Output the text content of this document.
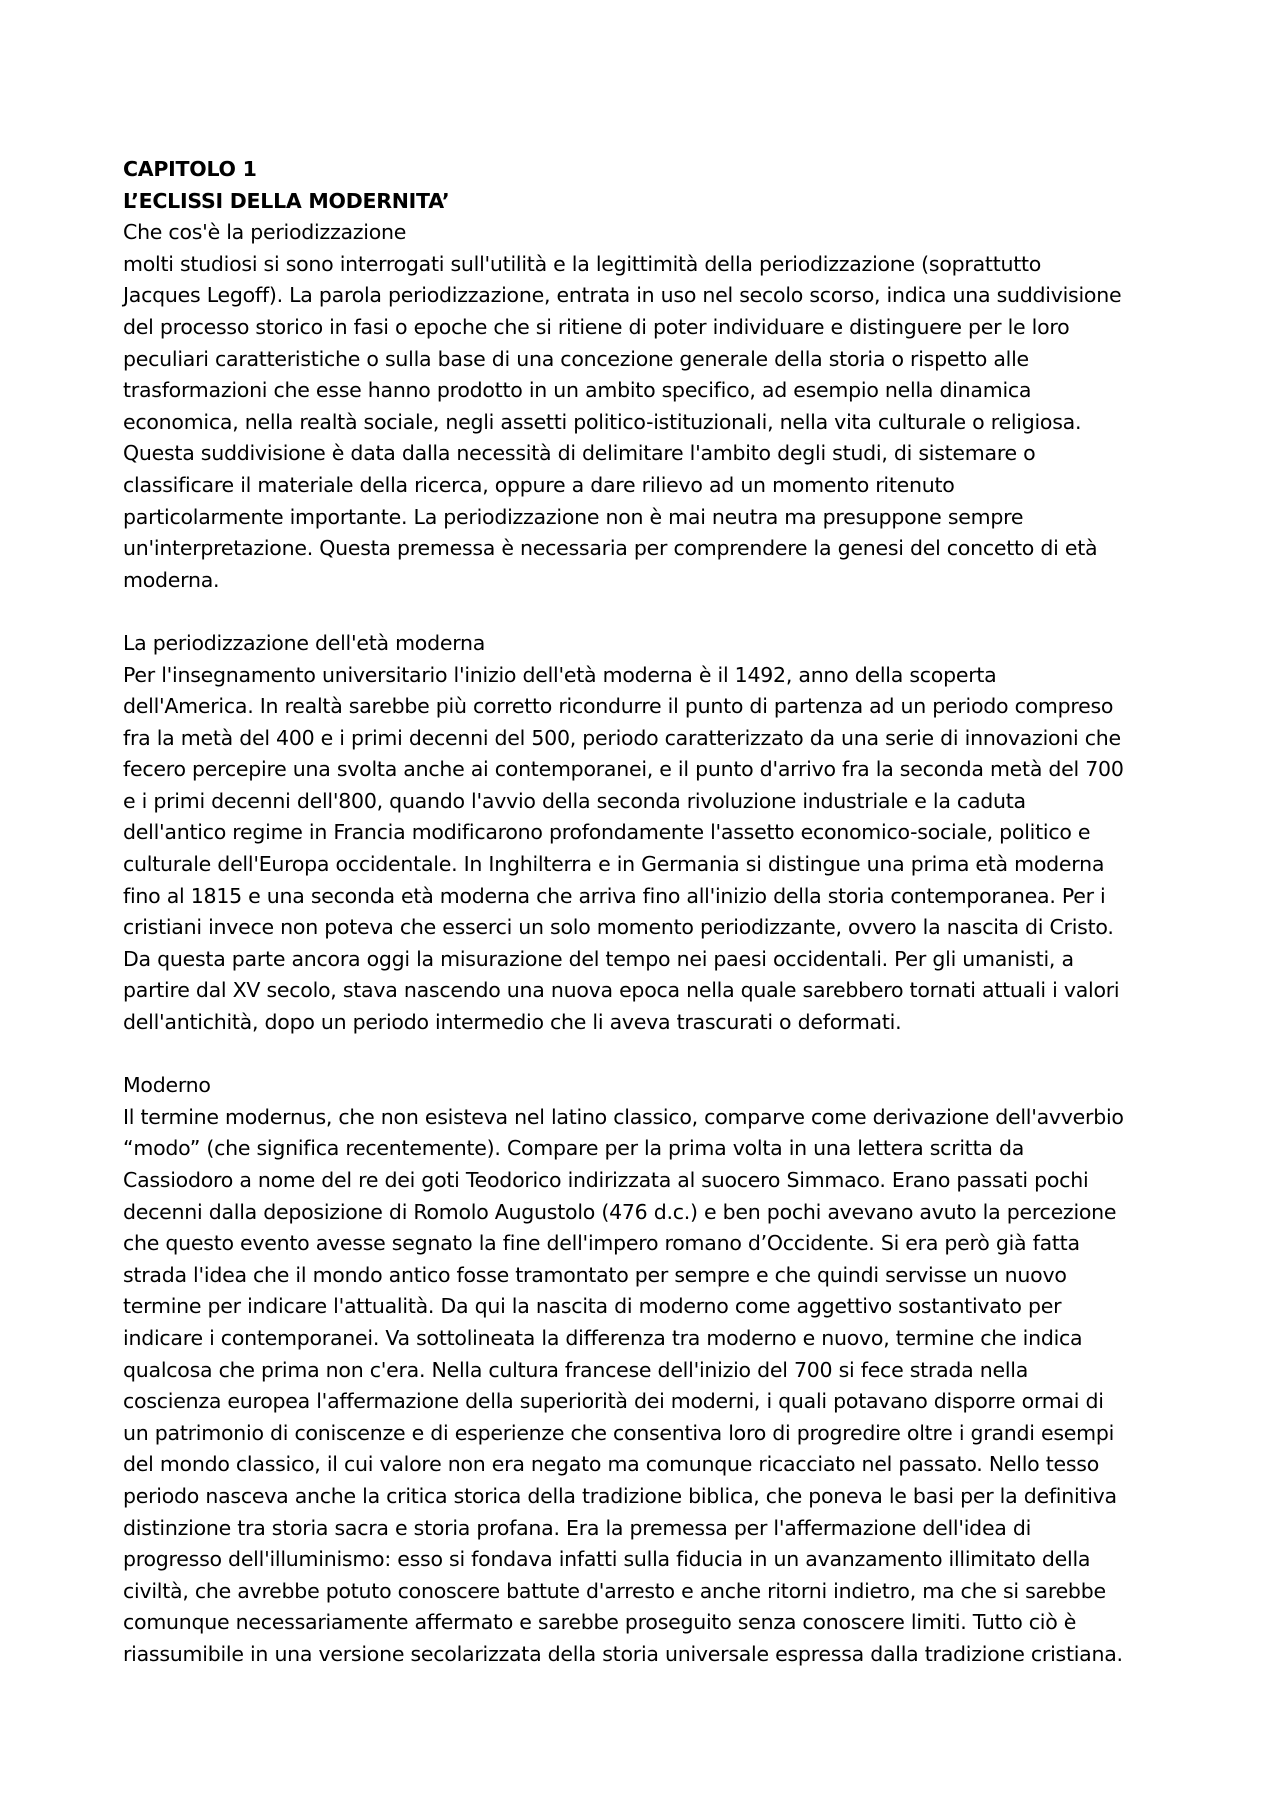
CAPITOLO 1
L’ECLISSI DELLA MODERNITA’
Che cos'è la periodizzazione
molti studiosi si sono interrogati sull'utilità e la legittimità della periodizzazione (soprattutto
Jacques Legoff). La parola periodizzazione, entrata in uso nel secolo scorso, indica una suddivisione
del processo storico in fasi o epoche che si ritiene di poter individuare e distinguere per le loro
peculiari caratteristiche o sulla base di una concezione generale della storia o rispetto alle
trasformazioni che esse hanno prodotto in un ambito specifico, ad esempio nella dinamica
economica, nella realtà sociale, negli assetti politico-istituzionali, nella vita culturale o religiosa.
Questa suddivisione è data dalla necessità di delimitare l'ambito degli studi, di sistemare o
classificare il materiale della ricerca, oppure a dare rilievo ad un momento ritenuto
particolarmente importante. La periodizzazione non è mai neutra ma presuppone sempre
un'interpretazione. Questa premessa è necessaria per comprendere la genesi del concetto di età
moderna.
La periodizzazione dell'età moderna
Per l'insegnamento universitario l'inizio dell'età moderna è il 1492, anno della scoperta
dell'America. In realtà sarebbe più corretto ricondurre il punto di partenza ad un periodo compreso
fra la metà del 400 e i primi decenni del 500, periodo caratterizzato da una serie di innovazioni che
fecero percepire una svolta anche ai contemporanei, e il punto d'arrivo fra la seconda metà del 700
e i primi decenni dell'800, quando l'avvio della seconda rivoluzione industriale e la caduta
dell'antico regime in Francia modificarono profondamente l'assetto economico-sociale, politico e
culturale dell'Europa occidentale. In Inghilterra e in Germania si distingue una prima età moderna
fino al 1815 e una seconda età moderna che arriva fino all'inizio della storia contemporanea. Per i
cristiani invece non poteva che esserci un solo momento periodizzante, ovvero la nascita di Cristo.
Da questa parte ancora oggi la misurazione del tempo nei paesi occidentali. Per gli umanisti, a
partire dal XV secolo, stava nascendo una nuova epoca nella quale sarebbero tornati attuali i valori
dell'antichità, dopo un periodo intermedio che li aveva trascurati o deformati.
Moderno
Il termine modernus, che non esisteva nel latino classico, comparve come derivazione dell'avverbio
“modo” (che significa recentemente). Compare per la prima volta in una lettera scritta da
Cassiodoro a nome del re dei goti Teodorico indirizzata al suocero Simmaco. Erano passati pochi
decenni dalla deposizione di Romolo Augustolo (476 d.c.) e ben pochi avevano avuto la percezione
che questo evento avesse segnato la fine dell'impero romano d’Occidente. Si era però già fatta
strada l'idea che il mondo antico fosse tramontato per sempre e che quindi servisse un nuovo
termine per indicare l'attualità. Da qui la nascita di moderno come aggettivo sostantivato per
indicare i contemporanei. Va sottolineata la differenza tra moderno e nuovo, termine che indica
qualcosa che prima non c'era. Nella cultura francese dell'inizio del 700 si fece strada nella
coscienza europea l'affermazione della superiorità dei moderni, i quali potavano disporre ormai di
un patrimonio di coniscenze e di esperienze che consentiva loro di progredire oltre i grandi esempi
del mondo classico, il cui valore non era negato ma comunque ricacciato nel passato. Nello tesso
periodo nasceva anche la critica storica della tradizione biblica, che poneva le basi per la definitiva
distinzione tra storia sacra e storia profana. Era la premessa per l'affermazione dell'idea di
progresso dell'illuminismo: esso si fondava infatti sulla fiducia in un avanzamento illimitato della
civiltà, che avrebbe potuto conoscere battute d'arresto e anche ritorni indietro, ma che si sarebbe
comunque necessariamente affermato e sarebbe proseguito senza conoscere limiti. Tutto ciò è
riassumibile in una versione secolarizzata della storia universale espressa dalla tradizione cristiana.
